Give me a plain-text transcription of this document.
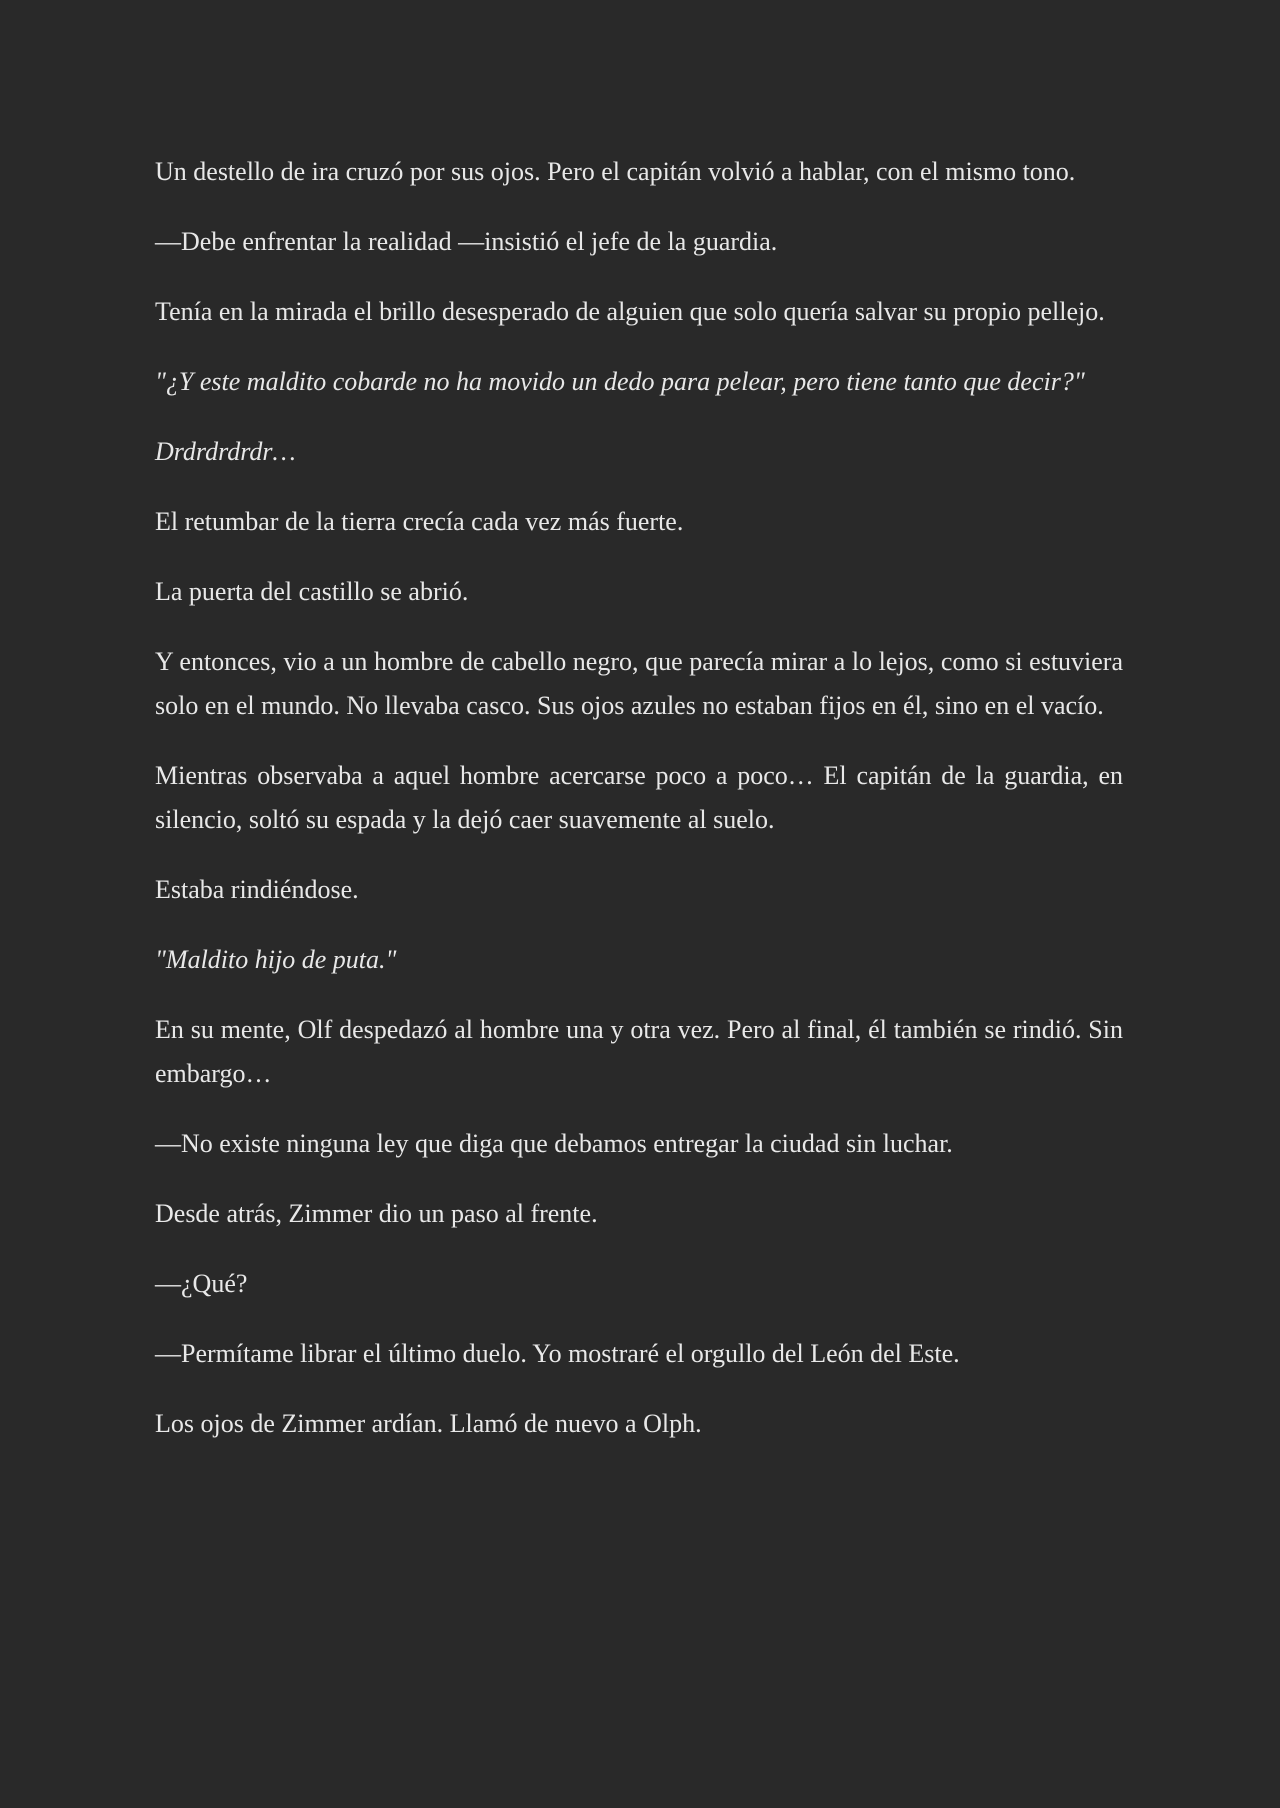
Un destello de ira cruzó por sus ojos. Pero el capitán volvió a hablar, con el mismo tono.

—Debe enfrentar la realidad —insistió el jefe de la guardia.

Tenía en la mirada el brillo desesperado de alguien que solo quería salvar su propio pellejo.

"¿Y este maldito cobarde no ha movido un dedo para pelear, pero tiene tanto que decir?"

Drdrdrdrdr…

El retumbar de la tierra crecía cada vez más fuerte.

La puerta del castillo se abrió.

Y entonces, vio a un hombre de cabello negro, que parecía mirar a lo lejos, como si estuviera solo en el mundo. No llevaba casco. Sus ojos azules no estaban fijos en él, sino en el vacío.

Mientras observaba a aquel hombre acercarse poco a poco… El capitán de la guardia, en silencio, soltó su espada y la dejó caer suavemente al suelo.

Estaba rindiéndose.

"Maldito hijo de puta."

En su mente, Olf despedazó al hombre una y otra vez. Pero al final, él también se rindió. Sin embargo…

—No existe ninguna ley que diga que debamos entregar la ciudad sin luchar.

Desde atrás, Zimmer dio un paso al frente.

—¿Qué?

—Permítame librar el último duelo. Yo mostraré el orgullo del León del Este.

Los ojos de Zimmer ardían. Llamó de nuevo a Olph.
